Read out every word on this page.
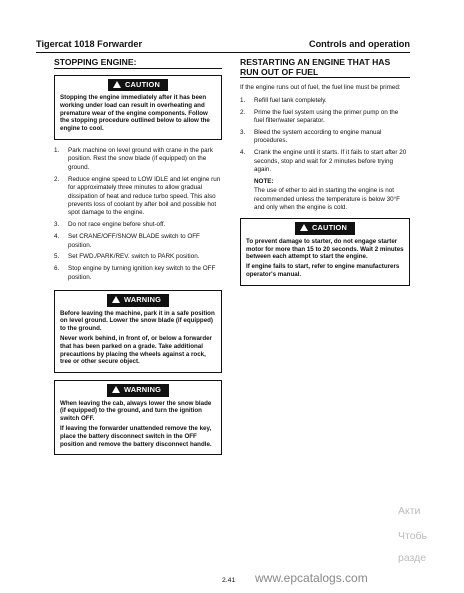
Tigercat 1018 Forwarder	Controls and operation
STOPPING ENGINE:
CAUTION

Stopping the engine immediately after it has been working under load can result in overheating and premature wear of the engine components. Follow the stopping procedure outlined below to allow the engine to cool.

1. Park machine on level ground with crane in the park position. Rest the snow blade (if equipped) on the ground.
2. Reduce engine speed to LOW IDLE and let engine run for approximately three minutes to allow gradual dissipation of heat and reduce turbo speed. This also prevents loss of coolant by after boil and possible hot spot damage to the engine.
3. Do not race engine before shut-off.
4. Set CRANE/OFF/SNOW BLADE switch to OFF position.
5. Set FWD./PARK/REV. switch to PARK position.
6. Stop engine by turning ignition key switch to the OFF position.
WARNING

Before leaving the machine, park it in a safe position on level ground. Lower the snow blade (if equipped) to the ground.

Never work behind, in front of, or below a forwarder that has been parked on a grade. Take additional precautions by placing the wheels against a rock, tree or other secure object.

WARNING

When leaving the cab, always lower the snow blade (if equipped) to the ground, and turn the ignition switch OFF.

If leaving the forwarder unattended remove the key, place the battery disconnect switch in the OFF position and remove the battery disconnect handle.

RESTARTING AN ENGINE THAT HAS RUN OUT OF FUEL

If the engine runs out of fuel, the fuel line must be primed:

1. Refill fuel tank completely.
2. Prime the fuel system using the primer pump on the fuel filter/water separator.
3. Bleed the system according to engine manual procedures.
4. Crank the engine until it starts. If it fails to start after 20 seconds, stop and wait for 2 minutes before trying again.
NOTE:
The use of ether to aid in starting the engine is not recommended unless the temperature is below 30°F and only when the engine is cold.
CAUTION

To prevent damage to starter, do not engage starter motor for more than 15 to 20 seconds. Wait 2 minutes between each attempt to start the engine.

If engine fails to start, refer to engine manufacturers operator's manual.

2.41 www.epcatalogs.com
Акти
Чтобь
разде
